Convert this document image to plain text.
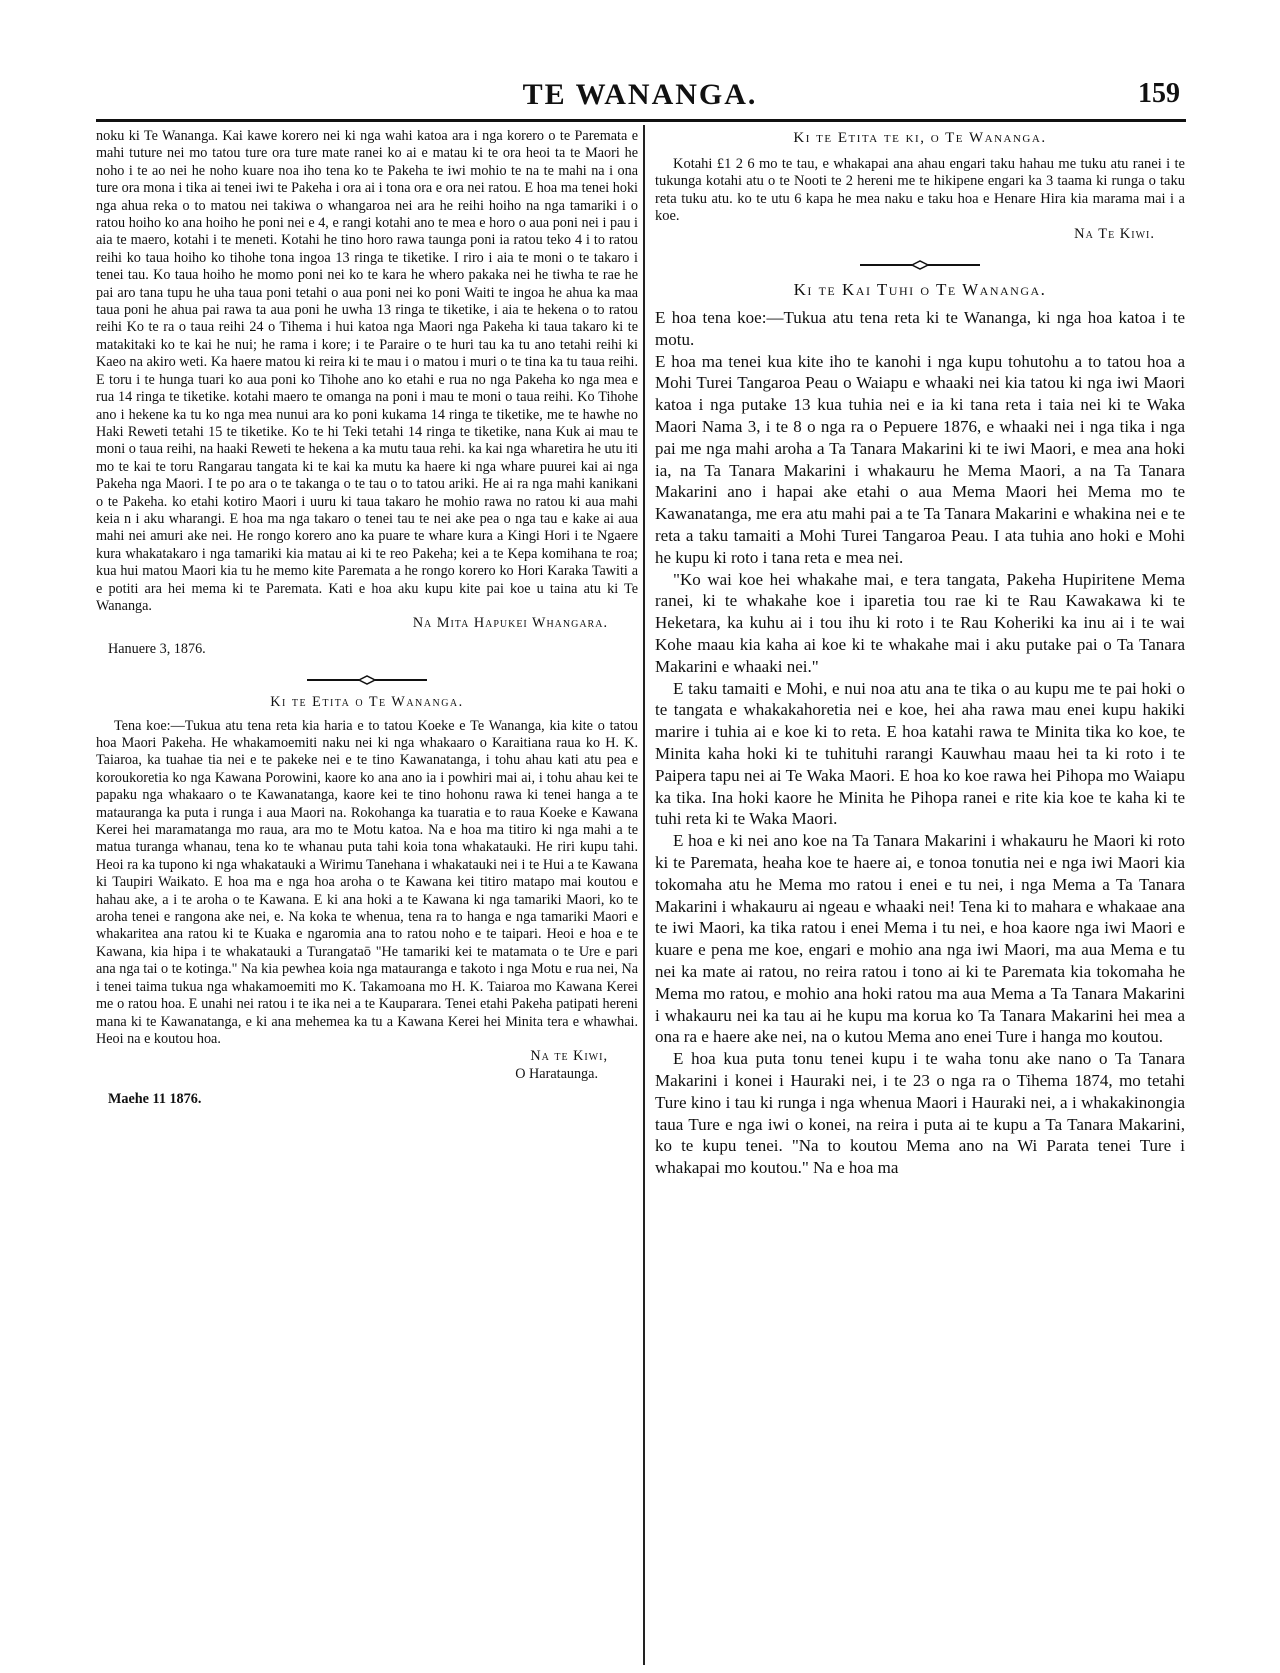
TE WANANGA.	159

noku ki Te Wananga. Kai kawe korero nei ki nga wahi katoa ara i nga korero o te Paremata e mahi tuture nei mo tatou ture ora ture mate ranei ko ai e matau ki te ora heoi ta te Maori he noho i te ao nei he noho kuare noa iho tena ko te Pakeha te iwi mohio te na te mahi na i ona ture ora mona i tika ai tenei iwi te Pakeha i ora ai i tona ora e ora nei ratou. E hoa ma tenei hoki nga ahua reka o to matou nei takiwa o whangaroa nei ara he reihi hoiho na nga tamariki i o ratou hoiho ko ana hoiho he poni nei e 4, e rangi kotahi ano te mea e horo o aua poni nei i pau i aia te maero, kotahi i te meneti. Kotahi he tino horo rawa taunga poni ia ratou teko 4 i to ratou reihi ko taua hoiho ko tihohe tona ingoa 13 ringa te tiketike. I riro i aia te moni o te takaro i tenei tau. Ko taua hoiho he momo poni nei ko te kara he whero pakaka nei he tiwha te rae he pai aro tana tupu he uha taua poni tetahi o aua poni nei ko poni Waiti te ingoa he ahua ka maa taua poni he ahua pai rawa ta aua poni he uwha 13 ringa te tiketike, i aia te hekena o to ratou reihi Ko te ra o taua reihi 24 o Tihema i hui katoa nga Maori nga Pakeha ki taua takaro ki te matakitaki ko te kai he nui; he rama i kore; i te Paraire o te huri tau ka tu ano tetahi reihi ki Kaeo na akiro weti. Ka haere matou ki reira ki te mau i o matou i muri o te tina ka tu taua reihi. E toru i te hunga tuari ko aua poni ko Tihohe ano ko etahi e rua no nga Pakeha ko nga mea e rua 14 ringa te tiketike. kotahi maero te omanga na poni i mau te moni o taua reihi. Ko Tihohe ano i hekene ka tu ko nga mea nunui ara ko poni kukama 14 ringa te tiketike, me te hawhe no Haki Reweti tetahi 15 te tiketike. Ko te hi Teki tetahi 14 ringa te tiketike, nana Kuk ai mau te moni o taua reihi, na haaki Reweti te hekena a ka mutu taua rehi. ka kai nga wharetira he utu iti mo te kai te toru Rangarau tangata ki te kai ka mutu ka haere ki nga whare puurei kai ai nga Pakeha nga Maori. I te po ara o te takanga o te tau o to tatou ariki. He ai ra nga mahi kanikani o te Pakeha. ko etahi kotiro Maori i uuru ki taua takaro he mohio rawa no ratou ki aua mahi keia n i aku wharangi. E hoa ma nga takaro o tenei tau te nei ake pea o nga tau e kake ai aua mahi nei amuri ake nei. He rongo korero ano ka puare te whare kura a Kingi Hori i te Ngaere kura whakatakaro i nga tamariki kia matau ai ki te reo Pakeha; kei a te Kepa komihana te roa; kua hui matou Maori kia tu he memo kite Paremata a he rongo korero ko Hori Karaka Tawiti a e potiti ara hei mema ki te Paremata. Kati e hoa aku kupu kite pai koe u taina atu ki Te Wananga.

Na Mita Hapukei Whangara.

Hanuere 3, 1876.

Ki te Etita o Te Wananga.

Tena koe:—Tukua atu tena reta kia haria e to tatou Koeke e Te Wananga, kia kite o tatou hoa Maori Pakeha. He whakamoemiti naku nei ki nga whakaaro o Karaitiana raua ko H. K. Taiaroa, ka tuahae tia nei e te pakeke nei e te tino Kawanatanga, i tohu ahau kati atu pea e koroukoretia ko nga Kawana Porowini, kaore ko ana ano ia i powhiri mai ai, i tohu ahau kei te papaku nga whakaaro o te Kawanatanga, kaore kei te tino hohonu rawa ki tenei hanga a te matauranga ka puta i runga i aua Maori na. Rokohanga ka tuaratia e to raua Koeke e Kawana Kerei hei maramatanga mo raua, ara mo te Motu katoa. Na e hoa ma titiro ki nga mahi a te matua turanga whanau, tena ko te whanau puta tahi koia tona whakatauki. He riri kupu tahi. Heoi ra ka tupono ki nga whakatauki a Wirimu Tanehana i whakatauki nei i te Hui a te Kawana ki Taupiri Waikato. E hoa ma e nga hoa aroha o te Kawana kei titiro matapo mai koutou e hahau ake, a i te aroha o te Kawana. E ki ana hoki a te Kawana ki nga tamariki Maori, ko te aroha tenei e rangona ake nei, e. Na koka te whenua, tena ra to hanga e nga tamariki Maori e whakaritea ana ratou ki te Kuaka e ngaromia ana to ratou noho e te taipari. Heoi e hoa e te Kawana, kia hipa i te whakatauki a Turangataō "He tamariki kei te matamata o te Ure e pari ana nga tai o te kotinga." Na kia pewhea koia nga matauranga e takoto i nga Motu e rua nei, Na i tenei taima tukua nga whakamoemiti mo K. Takamoana mo H. K. Taiaroa mo Kawana Kerei me o ratou hoa. E unahi nei ratou i te ika nei a te Kauparara. Tenei etahi Pakeha patipati hereni mana ki te Kawanatanga, e ki ana mehemea ka tu a Kawana Kerei hei Minita tera e whawhai. Heoi na e koutou hoa.

Na te Kiwi,

O Harataunga.

Maehe 11 1876.

Ki te Etita te ki, o Te Wananga.

Kotahi £1 2 6 mo te tau, e whakapai ana ahau engari taku hahau me tuku atu ranei i te tukunga kotahi atu o te Nooti te 2 hereni me te hikipene engari ka 3 taama ki runga o taku reta tuku atu. ko te utu 6 kapa he mea naku e taku hoa e Henare Hira kia marama mai i a koe.

Na Te Kiwi.

Ki te Kai Tuhi o Te Wananga.

E hoa tena koe:—Tukua atu tena reta ki te Wananga, ki nga hoa katoa i te motu.

E hoa ma tenei kua kite iho te kanohi i nga kupu tohutohu a to tatou hoa a Mohi Turei Tangaroa Peau o Waiapu e whaaki nei kia tatou ki nga iwi Maori katoa i nga putake 13 kua tuhia nei e ia ki tana reta i taia nei ki te Waka Maori Nama 3, i te 8 o nga ra o Pepuere 1876, e whaaki nei i nga tika i nga pai me nga mahi aroha a Ta Tanara Makarini ki te iwi Maori, e mea ana hoki ia, na Ta Tanara Makarini i whakauru he Mema Maori, a na Ta Tanara Makarini ano i hapai ake etahi o aua Mema Maori hei Mema mo te Kawanatanga, me era atu mahi pai a te Ta Tanara Makarini e whakina nei e te reta a taku tamaiti a Mohi Turei Tangaroa Peau. I ata tuhia ano hoki e Mohi he kupu ki roto i tana reta e mea nei.

"Ko wai koe hei whakahe mai, e tera tangata, Pakeha Hupiritene Mema ranei, ki te whakahe koe i iparetia tou rae ki te Rau Kawakawa ki te Heketara, ka kuhu ai i tou ihu ki roto i te Rau Koheriki ka inu ai i te wai Kohe maau kia kaha ai koe ki te whakahe mai i aku putake pai o Ta Tanara Makarini e whaaki nei."

E taku tamaiti e Mohi, e nui noa atu ana te tika o au kupu me te pai hoki o te tangata e whakakahoretia nei e koe, hei aha rawa mau enei kupu hakiki marire i tuhia ai e koe ki to reta. E hoa katahi rawa te Minita tika ko koe, te Minita kaha hoki ki te tuhituhi rarangi Kauwhau maau hei ta ki roto i te Paipera tapu nei ai Te Waka Maori. E hoa ko koe rawa hei Pihopa mo Waiapu ka tika. Ina hoki kaore he Minita he Pihopa ranei e rite kia koe te kaha ki te tuhi reta ki te Waka Maori.

E hoa e ki nei ano koe na Ta Tanara Makarini i whakauru he Maori ki roto ki te Paremata, heaha koe te haere ai, e tonoa tonutia nei e nga iwi Maori kia tokomaha atu he Mema mo ratou i enei e tu nei, i nga Mema a Ta Tanara Makarini i whakauru ai ngeau e whaaki nei! Tena ki to mahara e whakaae ana te iwi Maori, ka tika ratou i enei Mema i tu nei, e hoa kaore nga iwi Maori e kuare e pena me koe, engari e mohio ana nga iwi Maori, ma aua Mema e tu nei ka mate ai ratou, no reira ratou i tono ai ki te Paremata kia tokomaha he Mema mo ratou, e mohio ana hoki ratou ma aua Mema a Ta Tanara Makarini i whakauru nei ka tau ai he kupu ma korua ko Ta Tanara Makarini hei mea a ona ra e haere ake nei, na o kutou Mema ano enei Ture i hanga mo koutou.

E hoa kua puta tonu tenei kupu i te waha tonu ake nano o Ta Tanara Makarini i konei i Hauraki nei, i te 23 o nga ra o Tihema 1874, mo tetahi Ture kino i tau ki runga i nga whenua Maori i Hauraki nei, a i whakakinongia taua Ture e nga iwi o konei, na reira i puta ai te kupu a Ta Tanara Makarini, ko te kupu tenei. "Na to koutou Mema ano na Wi Parata tenei Ture i whakapai mo koutou." Na e hoa ma
